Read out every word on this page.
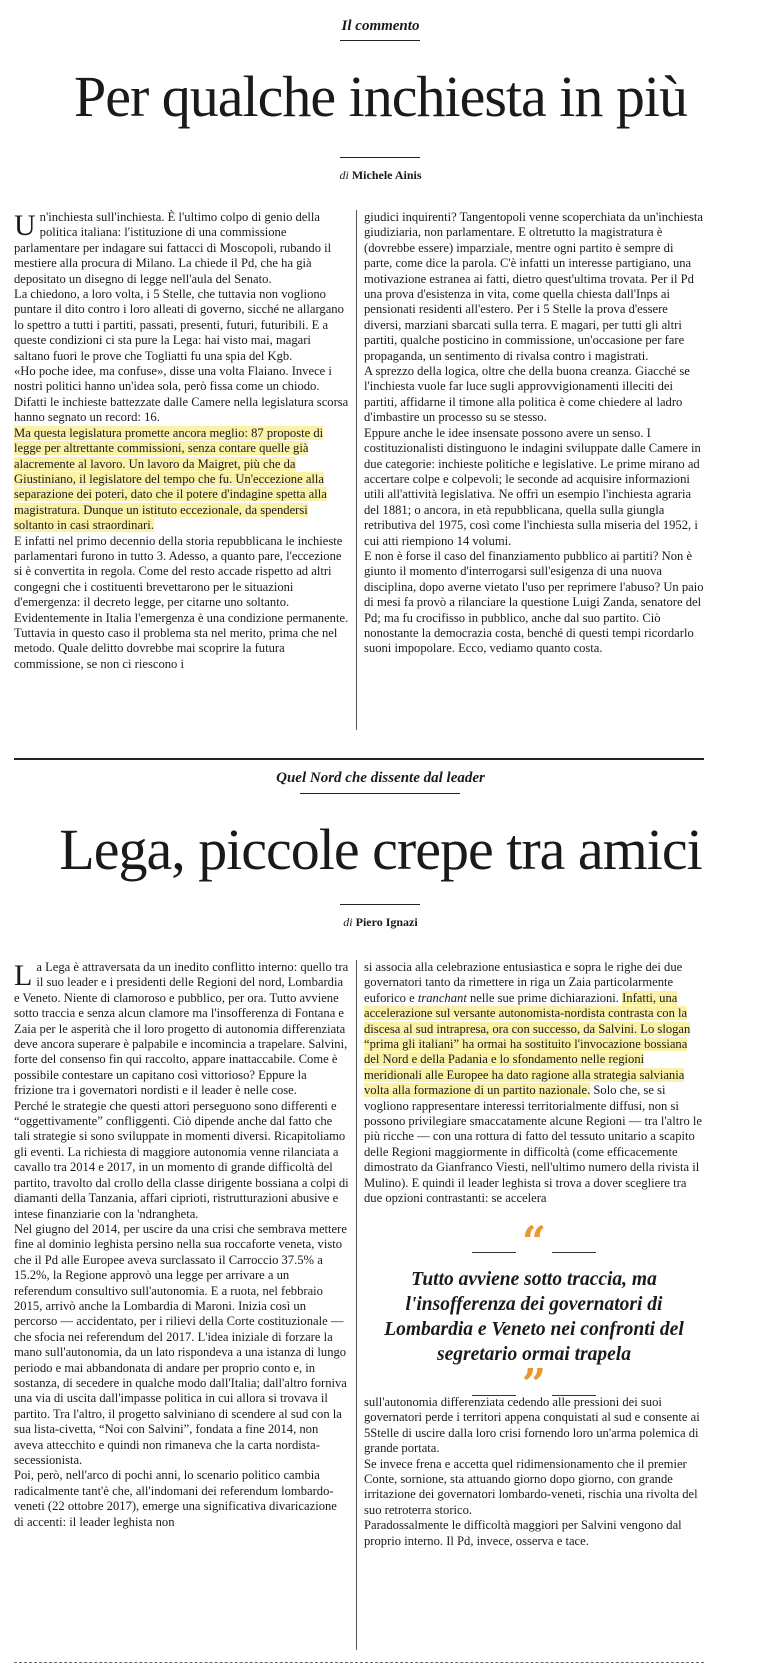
Il commento
Per qualche inchiesta in più
di Michele Ainis

Un'inchiesta sull'inchiesta. È l'ultimo colpo di genio della politica italiana: l'istituzione di una commissione parlamentare per indagare sui fattacci di Moscopoli, rubando il mestiere alla procura di Milano. La chiede il Pd, che ha già depositato un disegno di legge nell'aula del Senato.

La chiedono, a loro volta, i 5 Stelle, che tuttavia non vogliono puntare il dito contro i loro alleati di governo, sicché ne allargano lo spettro a tutti i partiti, passati, presenti, futuri, futuribili. E a queste condizioni ci sta pure la Lega: hai visto mai, magari saltano fuori le prove che Togliatti fu una spia del Kgb.

«Ho poche idee, ma confuse», disse una volta Flaiano. Invece i nostri politici hanno un'idea sola, però fissa come un chiodo. Difatti le inchieste battezzate dalle Camere nella legislatura scorsa hanno segnato un record: 16.

Ma questa legislatura promette ancora meglio: 87 proposte di legge per altrettante commissioni, senza contare quelle già alacremente al lavoro. Un lavoro da Maigret, più che da Giustiniano, il legislatore del tempo che fu. Un'eccezione alla separazione dei poteri, dato che il potere d'indagine spetta alla magistratura. Dunque un istituto eccezionale, da spendersi soltanto in casi straordinari.

E infatti nel primo decennio della storia repubblicana le inchieste parlamentari furono in tutto 3. Adesso, a quanto pare, l'eccezione si è convertita in regola. Come del resto accade rispetto ad altri congegni che i costituenti brevettarono per le situazioni d'emergenza: il decreto legge, per citarne uno soltanto.

Evidentemente in Italia l'emergenza è una condizione permanente.

Tuttavia in questo caso il problema sta nel merito, prima che nel metodo. Quale delitto dovrebbe mai scoprire la futura commissione, se non ci riescono i

giudici inquirenti? Tangentopoli venne scoperchiata da un'inchiesta giudiziaria, non parlamentare. E oltretutto la magistratura è (dovrebbe essere) imparziale, mentre ogni partito è sempre di parte, come dice la parola. C'è infatti un interesse partigiano, una motivazione estranea ai fatti, dietro quest'ultima trovata. Per il Pd una prova d'esistenza in vita, come quella chiesta dall'Inps ai pensionati residenti all'estero. Per i 5 Stelle la prova d'essere diversi, marziani sbarcati sulla terra. E magari, per tutti gli altri partiti, qualche posticino in commissione, un'occasione per fare propaganda, un sentimento di rivalsa contro i magistrati.

A sprezzo della logica, oltre che della buona creanza. Giacché se l'inchiesta vuole far luce sugli approvvigionamenti illeciti dei partiti, affidarne il timone alla politica è come chiedere al ladro d'imbastire un processo su se stesso.

Eppure anche le idee insensate possono avere un senso. I costituzionalisti distinguono le indagini sviluppate dalle Camere in due categorie: inchieste politiche e legislative. Le prime mirano ad accertare colpe e colpevoli; le seconde ad acquisire informazioni utili all'attività legislativa. Ne offrì un esempio l'inchiesta agraria del 1881; o ancora, in età repubblicana, quella sulla giungla retributiva del 1975, così come l'inchiesta sulla miseria del 1952, i cui atti riempiono 14 volumi.

E non è forse il caso del finanziamento pubblico ai partiti? Non è giunto il momento d'interrogarsi sull'esigenza di una nuova disciplina, dopo averne vietato l'uso per reprimere l'abuso? Un paio di mesi fa provò a rilanciare la questione Luigi Zanda, senatore del Pd; ma fu crocifisso in pubblico, anche dal suo partito. Ciò nonostante la democrazia costa, benché di questi tempi ricordarlo suoni impopolare. Ecco, vediamo quanto costa.

Quel Nord che dissente dal leader
Lega, piccole crepe tra amici
di Piero Ignazi

La Lega è attraversata da un inedito conflitto interno: quello tra il suo leader e i presidenti delle Regioni del nord, Lombardia e Veneto. Niente di clamoroso e pubblico, per ora. Tutto avviene sotto traccia e senza alcun clamore ma l'insofferenza di Fontana e Zaia per le asperità che il loro progetto di autonomia differenziata deve ancora superare è palpabile e incomincia a trapelare. Salvini, forte del consenso fin qui raccolto, appare inattaccabile. Come è possibile contestare un capitano così vittorioso? Eppure la frizione tra i governatori nordisti e il leader è nelle cose.

Perché le strategie che questi attori perseguono sono differenti e “oggettivamente” confliggenti. Ciò dipende anche dal fatto che tali strategie si sono sviluppate in momenti diversi. Ricapitoliamo gli eventi. La richiesta di maggiore autonomia venne rilanciata a cavallo tra 2014 e 2017, in un momento di grande difficoltà del partito, travolto dal crollo della classe dirigente bossiana a colpi di diamanti della Tanzania, affari ciprioti, ristrutturazioni abusive e intese finanziarie con la 'ndrangheta.

Nel giugno del 2014, per uscire da una crisi che sembrava mettere fine al dominio leghista persino nella sua roccaforte veneta, visto che il Pd alle Europee aveva surclassato il Carroccio 37.5% a 15.2%, la Regione approvò una legge per arrivare a un referendum consultivo sull'autonomia. E a ruota, nel febbraio 2015, arrivò anche la Lombardia di Maroni. Inizia così un percorso — accidentato, per i rilievi della Corte costituzionale — che sfocia nei referendum del 2017. L'idea iniziale di forzare la mano sull'autonomia, da un lato rispondeva a una istanza di lungo periodo e mai abbandonata di andare per proprio conto e, in sostanza, di secedere in qualche modo dall'Italia; dall'altro forniva una via di uscita dall'impasse politica in cui allora si trovava il partito. Tra l'altro, il progetto salviniano di scendere al sud con la sua lista-civetta, “Noi con Salvini”, fondata a fine 2014, non aveva attecchito e quindi non rimaneva che la carta nordista-secessionista.

Poi, però, nell'arco di pochi anni, lo scenario politico cambia radicalmente tant'è che, all'indomani dei referendum lombardo-veneti (22 ottobre 2017), emerge una significativa divaricazione di accenti: il leader leghista non

si associa alla celebrazione entusiastica e sopra le righe dei due governatori tanto da rimettere in riga un Zaia particolarmente euforico e tranchant nelle sue prime dichiarazioni. Infatti, una accelerazione sul versante autonomista-nordista contrasta con la discesa al sud intrapresa, ora con successo, da Salvini. Lo slogan “prima gli italiani” ha ormai ha sostituito l'invocazione bossiana del Nord e della Padania e lo sfondamento nelle regioni meridionali alle Europee ha dato ragione alla strategia salviania volta alla formazione di un partito nazionale. Solo che, se si vogliono rappresentare interessi territorialmente diffusi, non si possono privilegiare smaccatamente alcune Regioni — tra l'altro le più ricche — con una rottura di fatto del tessuto unitario a scapito delle Regioni maggiormente in difficoltà (come efficacemente dimostrato da Gianfranco Viesti, nell'ultimo numero della rivista il Mulino). E quindi il leader leghista si trova a dover scegliere tra due opzioni contrastanti: se accelera

“
Tutto avviene sotto traccia, ma l'insofferenza dei governatori di Lombardia e Veneto nei confronti del segretario ormai trapela
”

sull'autonomia differenziata cedendo alle pressioni dei suoi governatori perde i territori appena conquistati al sud e consente ai 5Stelle di uscire dalla loro crisi fornendo loro un'arma polemica di grande portata.

Se invece frena e accetta quel ridimensionamento che il premier Conte, sornione, sta attuando giorno dopo giorno, con grande irritazione dei governatori lombardo-veneti, rischia una rivolta del suo retroterra storico.

Paradossalmente le difficoltà maggiori per Salvini vengono dal proprio interno. Il Pd, invece, osserva e tace.
